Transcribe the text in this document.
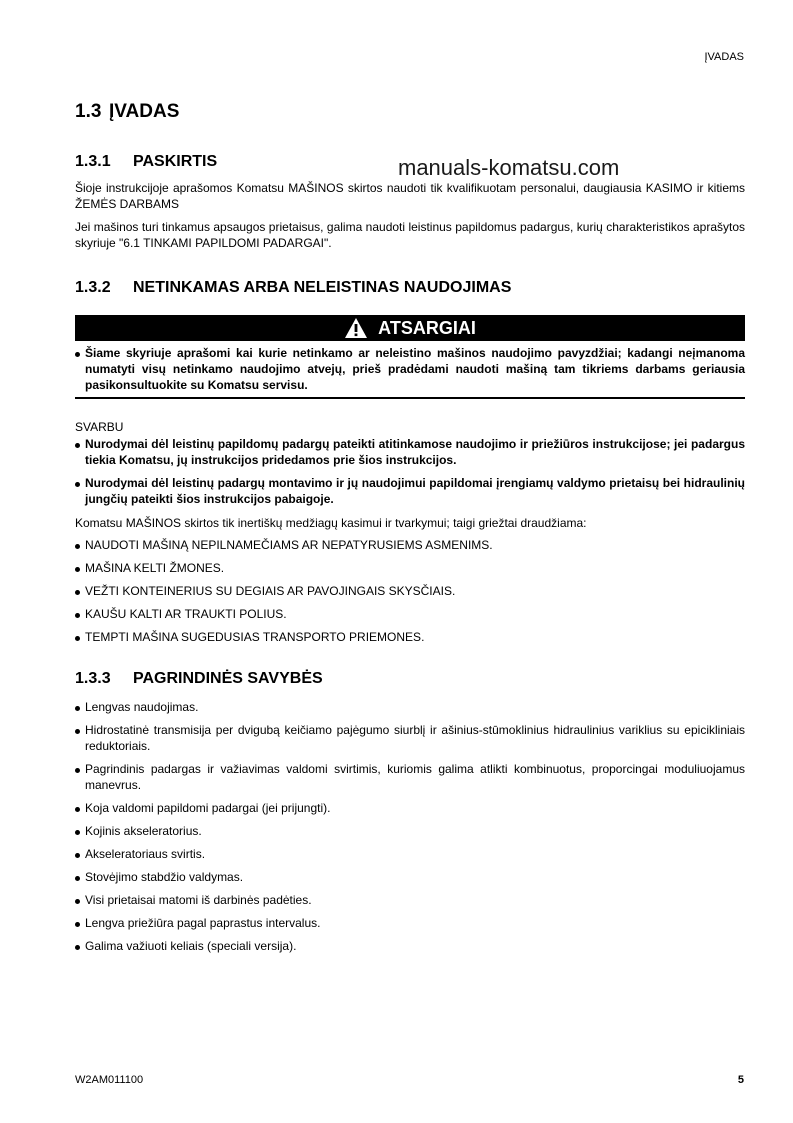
ĮVADAS
1.3 ĮVADAS
1.3.1 PASKIRTIS	manuals-komatsu.com
Šioje instrukcijoje aprašomos Komatsu MAŠINOS skirtos naudoti tik kvalifikuotam personalui, daugiausia KASIMO ir kitiems ŽEMĖS DARBAMS
Jei mašinos turi tinkamus apsaugos prietaisus, galima naudoti leistinus papildomus padargus, kurių charakteristikos aprašytos skyriuje "6.1 TINKAMI PAPILDOMI PADARGAI".
1.3.2 NETINKAMAS ARBA NELEISTINAS NAUDOJIMAS
ATSARGIAI
Šiame skyriuje aprašomi kai kurie netinkamo ar neleistino mašinos naudojimo pavyzdžiai; kadangi neįmanoma numatyti visų netinkamo naudojimo atvejų, prieš pradėdami naudoti mašiną tam tikriems darbams geriausia pasikonsultuokite su Komatsu servisu.
SVARBU
Nurodymai dėl leistinų papildomų padargų pateikti atitinkamose naudojimo ir priežiūros instrukcijose; jei padargus tiekia Komatsu, jų instrukcijos pridedamos prie šios instrukcijos.
Nurodymai dėl leistinų padargų montavimo ir jų naudojimui papildomai įrengiamų valdymo prietaisų bei hidraulinių jungčių pateikti šios instrukcijos pabaigoje.
Komatsu MAŠINOS skirtos tik inertiškų medžiagų kasimui ir tvarkymui; taigi griežtai draudžiama:
NAUDOTI MAŠINĄ NEPILNAMEČIAMS AR NEPATYRUSIEMS ASMENIMS.
MAŠINA KELTI ŽMONES.
VEŽTI KONTEINERIUS SU DEGIAIS AR PAVOJINGAIS SKYSČIAIS.
KAUŠU KALTI AR TRAUKTI POLIUS.
TEMPTI MAŠINA SUGEDUSIAS TRANSPORTO PRIEMONES.
1.3.3 PAGRINDINĖS SAVYBĖS
Lengvas naudojimas.
Hidrostatinė transmisija per dvigubą keičiamo pajėgumo siurblį ir ašinius-stūmoklinius hidraulinius variklius su epicikliniais reduktoriais.
Pagrindinis padargas ir važiavimas valdomi svirtimis, kuriomis galima atlikti kombinuotus, proporcingai moduliuojamus manevrus.
Koja valdomi papildomi padargai (jei prijungti).
Kojinis akseleratorius.
Akseleratoriaus svirtis.
Stovėjimo stabdžio valdymas.
Visi prietaisai matomi iš darbinės padėties.
Lengva priežiūra pagal paprastus intervalus.
Galima važiuoti keliais (speciali versija).
W2AM011100	5
